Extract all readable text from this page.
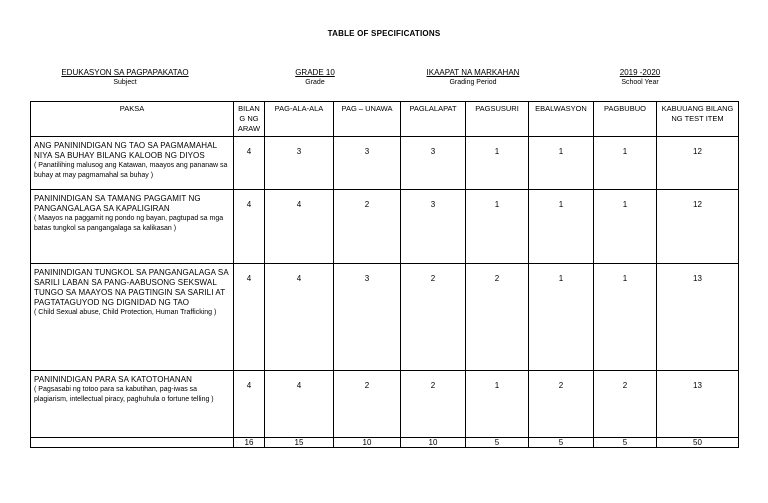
TABLE OF SPECIFICATIONS
EDUKASYON SA PAGPAPAKATAO
Subject
GRADE 10
Grade
IKAAPAT NA MARKAHAN
Grading Period
2019 -2020
School Year
PAKSA	BILAN G NG ARAW	PAG-ALA-ALA	PAG – UNAWA	PAGLALAPAT	PAGSUSURI	EBALWASYON	PAGBUBUO	KABUUANG BILANG NG TEST ITEM

ANG PANININDIGAN NG TAO SA PAGMAMAHAL NIYA SA BUHAY BILANG KALOOB NG DIYOS
( Panatilihing malusog ang Katawan, maayos ang pananaw sa buhay at may pagmamahal sa buhay )	4	3	3	3	1	1	1	12

PANININDIGAN SA TAMANG PAGGAMIT NG PANGANGALAGA SA KAPALIGIRAN
( Maayos na paggamit ng pondo ng bayan, pagtupad sa mga batas tungkol sa pangangalaga sa kalikasan )	4	4	2	3	1	1	1	12

PANININDIGAN TUNGKOL SA PANGANGALAGA SA SARILI LABAN SA PANG-AABUSONG SEKSWAL TUNGO SA MAAYOS NA PAGTINGIN SA SARILI AT PAGTATAGUYOD NG DIGNIDAD NG TAO
( Child Sexual abuse, Child Protection, Human Trafficking )	4	4	3	2	2	1	1	13

PANININDIGAN PARA SA KATOTOHANAN
( Pagsasabi ng totoo para sa kabutihan, pag-iwas sa plagiarism, intellectual piracy, paghuhula o fortune telling )	4	4	2	2	1	2	2	13
	16	15	10	10	5	5	5	50
